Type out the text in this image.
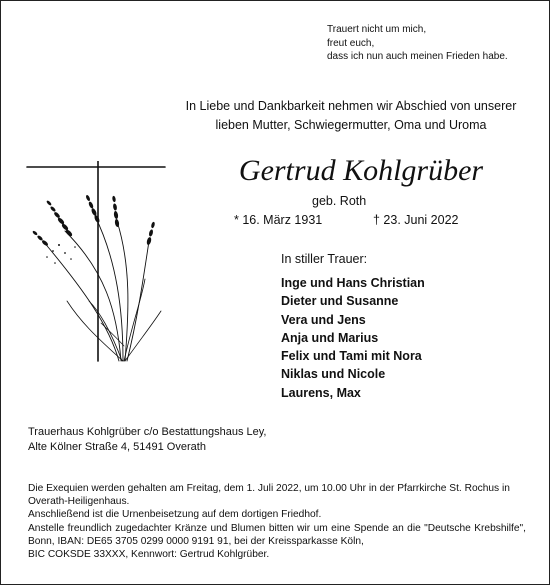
Trauert nicht um mich,
freut euch,
dass ich nun auch meinen Frieden habe.
In Liebe und Dankbarkeit nehmen wir Abschied von unserer
lieben Mutter, Schwiegermutter, Oma und Uroma
Gertrud Kohlgrüber
geb. Roth
* 16. März 1931	† 23. Juni 2022
In stiller Trauer:
Inge und Hans Christian
Dieter und Susanne
Vera und Jens
Anja und Marius
Felix und Tami mit Nora
Niklas und Nicole
Laurens, Max
Trauerhaus Kohlgrüber c/o Bestattungshaus Ley,
Alte Kölner Straße 4, 51491 Overath

Die Exequien werden gehalten am Freitag, dem 1. Juli 2022, um 10.00 Uhr in der Pfarrkirche St. Rochus in Overath-Heiligenhaus.

Anschließend ist die Urnenbeisetzung auf dem dortigen Friedhof.

Anstelle freundlich zugedachter Kränze und Blumen bitten wir um eine Spende an die "Deutsche Krebshilfe", Bonn, IBAN: DE65 3705 0299 0000 9191 91, bei der Kreissparkasse Köln,

BIC COKSDE 33XXX, Kennwort: Gertrud Kohlgrüber.
